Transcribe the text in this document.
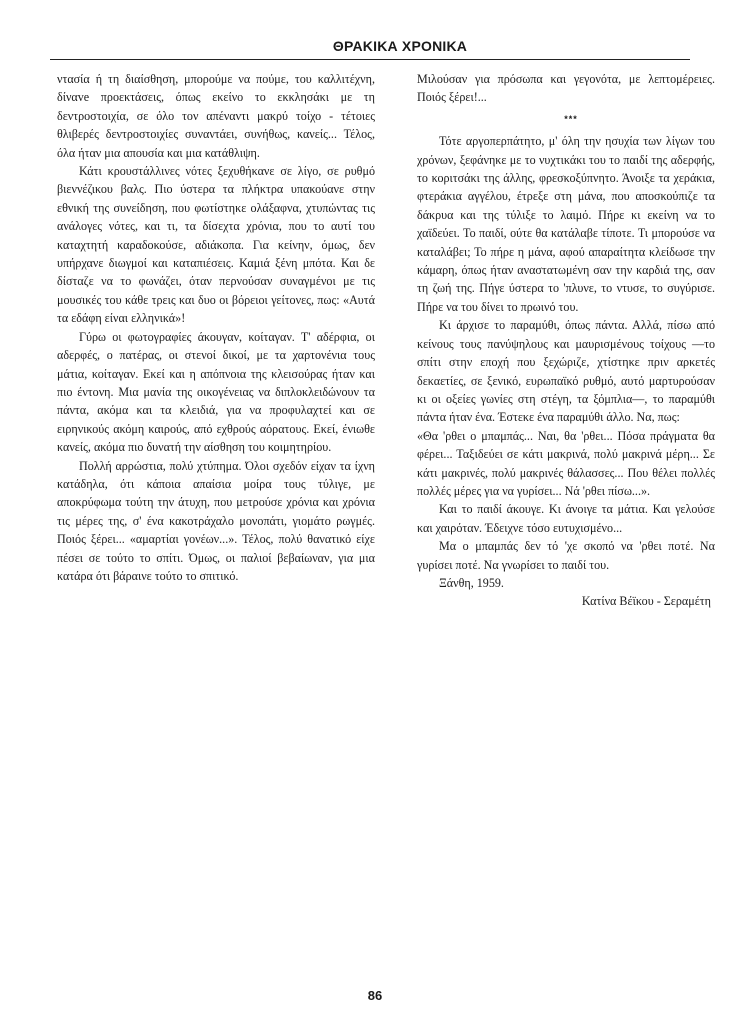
ΘΡΑΚΙΚΑ ΧΡΟΝΙΚΑ

ντασία ή τη διαίσθηση, μπορούμε να πούμε, του καλλιτέχνη, δίναve προεκτάσεις, όπως εκείνο το εκκλησάκι με τη δεντροστοιχία, σε όλο τον απέναντι μακρύ τοίχο - τέτοιες θλιβερές δεντροστοιχίες συναντάει, συνήθως, κανείς... Τέλος, όλα ήταν μια απουσία και μια κατάθλιψη.

Κάτι κρουστάλλινες νότες ξεχυθήκανε σε λίγο, σε ρυθμό βιεννέζικου βαλς. Πιο ύστερα τα πλήκτρα υπακούανε στην εθνική της συνείδηση, που φωτίστηκε ολάξαφνα, χτυπώντας τις ανάλογες νότες, και τι, τα δίσεχτα χρόνια, που το αυτί του καταχτητή καραδοκούσε, αδιάκοπα. Για κείνην, όμως, δεν υπήρχανε διωγμοί και καταπιέσεις. Καμιά ξένη μπότα. Και δε δίσταζε να το φωνάζει, όταν περνούσαν συναγμένοι με τις μουσικές του κάθε τρεις και δυο οι βόρειοι γείτονες, πως: «Αυτά τα εδάφη είναι ελληνικά»!

Γύρω οι φωτογραφίες άκουγαν, κοίταγαν. Τ' αδέρφια, οι αδερφές, ο πατέρας, οι στενοί δικοί, με τα χαρτονένια τους μάτια, κοίταγαν. Εκεί και η απόπνοια της κλεισούρας ήταν και πιο έντονη. Μια μανία της οικογένειας να διπλοκλειδώνουν τα πάντα, ακόμα και τα κλειδιά, για να προφυλαχτεί και σε ειρηνικούς ακόμη καιρούς, από εχθρούς αόρατους. Εκεί, ένιωθε κανείς, ακόμα πιο δυνατή την αίσθηση του κοιμητηρίου.

Πολλή αρρώστια, πολύ χτύπημα. Όλοι σχεδόν είχαν τα ίχνη κατάδηλα, ότι κάποια απαίσια μοίρα τους τύλιγε, με αποκρύφωμα τούτη την άτυχη, που μετρούσε χρόνια και χρόνια τις μέρες της, σ' ένα κακοτράχαλο μονοπάτι, γιομάτο ρωγμές. Ποιός ξέρει... «αμαρτίαι γονέων...». Τέλος, πολύ θανατικό είχε πέσει σε τούτο το σπίτι. Όμως, οι παλιοί βεβαίωναν, για μια κατάρα ότι βάραινε τούτο το σπιτικό.

Μιλούσαν για πρόσωπα και γεγονότα, με λεπτομέρειες. Ποιός ξέρει!...

***

Τότε αργοπερπάτητο, μ' όλη την ησυχία των λίγων του χρόνων, ξεφάνηκε με το νυχτικάκι του το παιδί της αδερφής, το κοριτσάκι της άλλης, φρεσκοξύπνητο. Άνοιξε τα χεράκια, φτεράκια αγγέλου, έτρεξε στη μάνα, που αποσκούπιζε τα δάκρυα και της τύλιξε το λαιμό. Πήρε κι εκείνη να το χαϊδεύει. Το παιδί, ούτε θα κατάλαβε τίποτε. Τι μπορούσε να καταλάβει; Το πήρε η μάνα, αφού απαραίτητα κλείδωσε την κάμαρη, όπως ήταν αναστατωμένη σαν την καρδιά της, σαν τη ζωή της. Πήγε ύστερα το 'πλυνε, το ντυσε, το συγύρισε. Πήρε να του δίνει το πρωινό του.

Κι άρχισε το παραμύθι, όπως πάντα. Αλλά, πίσω από κείνους τους πανύψηλους και μαυρισμένους τοίχους —το σπίτι στην εποχή που ξεχώριζε, χτίστηκε πριν αρκετές δεκαετίες, σε ξενικό, ευρωπαϊκό ρυθμό, αυτό μαρτυρούσαν κι οι οξείες γωνίες στη στέγη, τα ξόμπλια—, το παραμύθι πάντα ήταν ένα. Έστεκε ένα παραμύθι άλλο. Να, πως:

«Θα 'ρθει ο μπαμπάς... Ναι, θα 'ρθει... Πόσα πράγματα θα φέρει... Ταξιδεύει σε κάτι μακρινά, πολύ μακρινά μέρη... Σε κάτι μακρινές, πολύ μακρινές θάλασσες... Που θέλει πολλές πολλές μέρες για να γυρίσει... Νά 'ρθει πίσω...».

Και το παιδί άκουγε. Κι άνοιγε τα μάτια. Και γελούσε και χαιρόταν. Έδειχνε τόσο ευτυχισμένο...

Μα ο μπαμπάς δεν τό 'χε σκοπό να 'ρθει ποτέ. Να γυρίσει ποτέ. Να γνωρίσει το παιδί του.

Ξάνθη, 1959.

Κατίνα Βέϊκου - Σεραμέτη

86
